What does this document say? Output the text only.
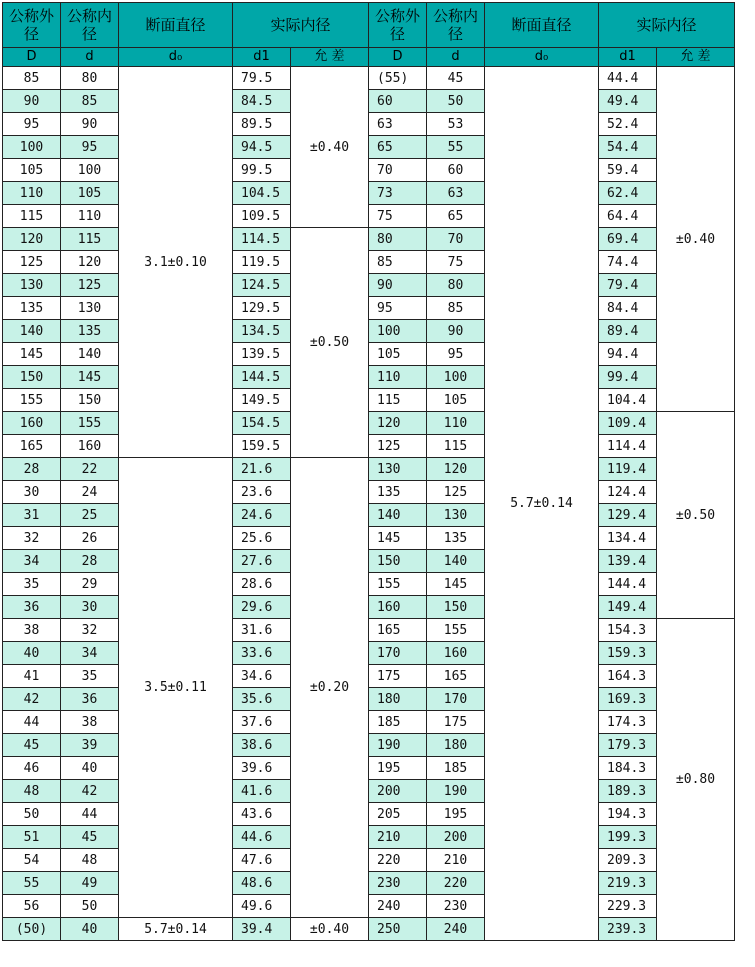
公称外径	公称内径	断面直径	实际内径		公称外径	公称内径	断面直径	实际内径	
D	d	d₀	d1	允 差	D	d	d₀	d1	允 差
85	80	3.1±0.10	79.5	±0.40	(55)	45	5.7±0.14	44.4	±0.40
90	85		84.5		60	50		49.4	
95	90		89.5		63	53		52.4	
100	95		94.5		65	55		54.4	
105	100		99.5		70	60		59.4	
110	105		104.5		73	63		62.4	
115	110		109.5		75	65		64.4	
120	115		114.5	±0.50	80	70		69.4	
125	120		119.5		85	75		74.4	
130	125		124.5		90	80		79.4	
135	130		129.5		95	85		84.4	
140	135		134.5		100	90		89.4	
145	140		139.5		105	95		94.4	
150	145		144.5		110	100		99.4	
155	150		149.5		115	105		104.4	
160	155		154.5		120	110		109.4	±0.50
165	160		159.5		125	115		114.4	
28	22	3.5±0.11	21.6	±0.20	130	120		119.4	
30	24		23.6		135	125		124.4	
31	25		24.6		140	130		129.4	
32	26		25.6		145	135		134.4	
34	28		27.6		150	140		139.4	
35	29		28.6		155	145		144.4	
36	30		29.6		160	150		149.4	
38	32		31.6		165	155		154.3	±0.80
40	34		33.6		170	160		159.3	
41	35		34.6		175	165		164.3	
42	36		35.6		180	170		169.3	
44	38		37.6		185	175		174.3	
45	39		38.6		190	180		179.3	
46	40		39.6		195	185		184.3	
48	42		41.6		200	190		189.3	
50	44		43.6		205	195		194.3	
51	45		44.6		210	200		199.3	
54	48		47.6		220	210		209.3	
55	49		48.6		230	220		219.3	
56	50		49.6		240	230		229.3	
(50)	40	5.7±0.14	39.4	±0.40	250	240		239.3	
